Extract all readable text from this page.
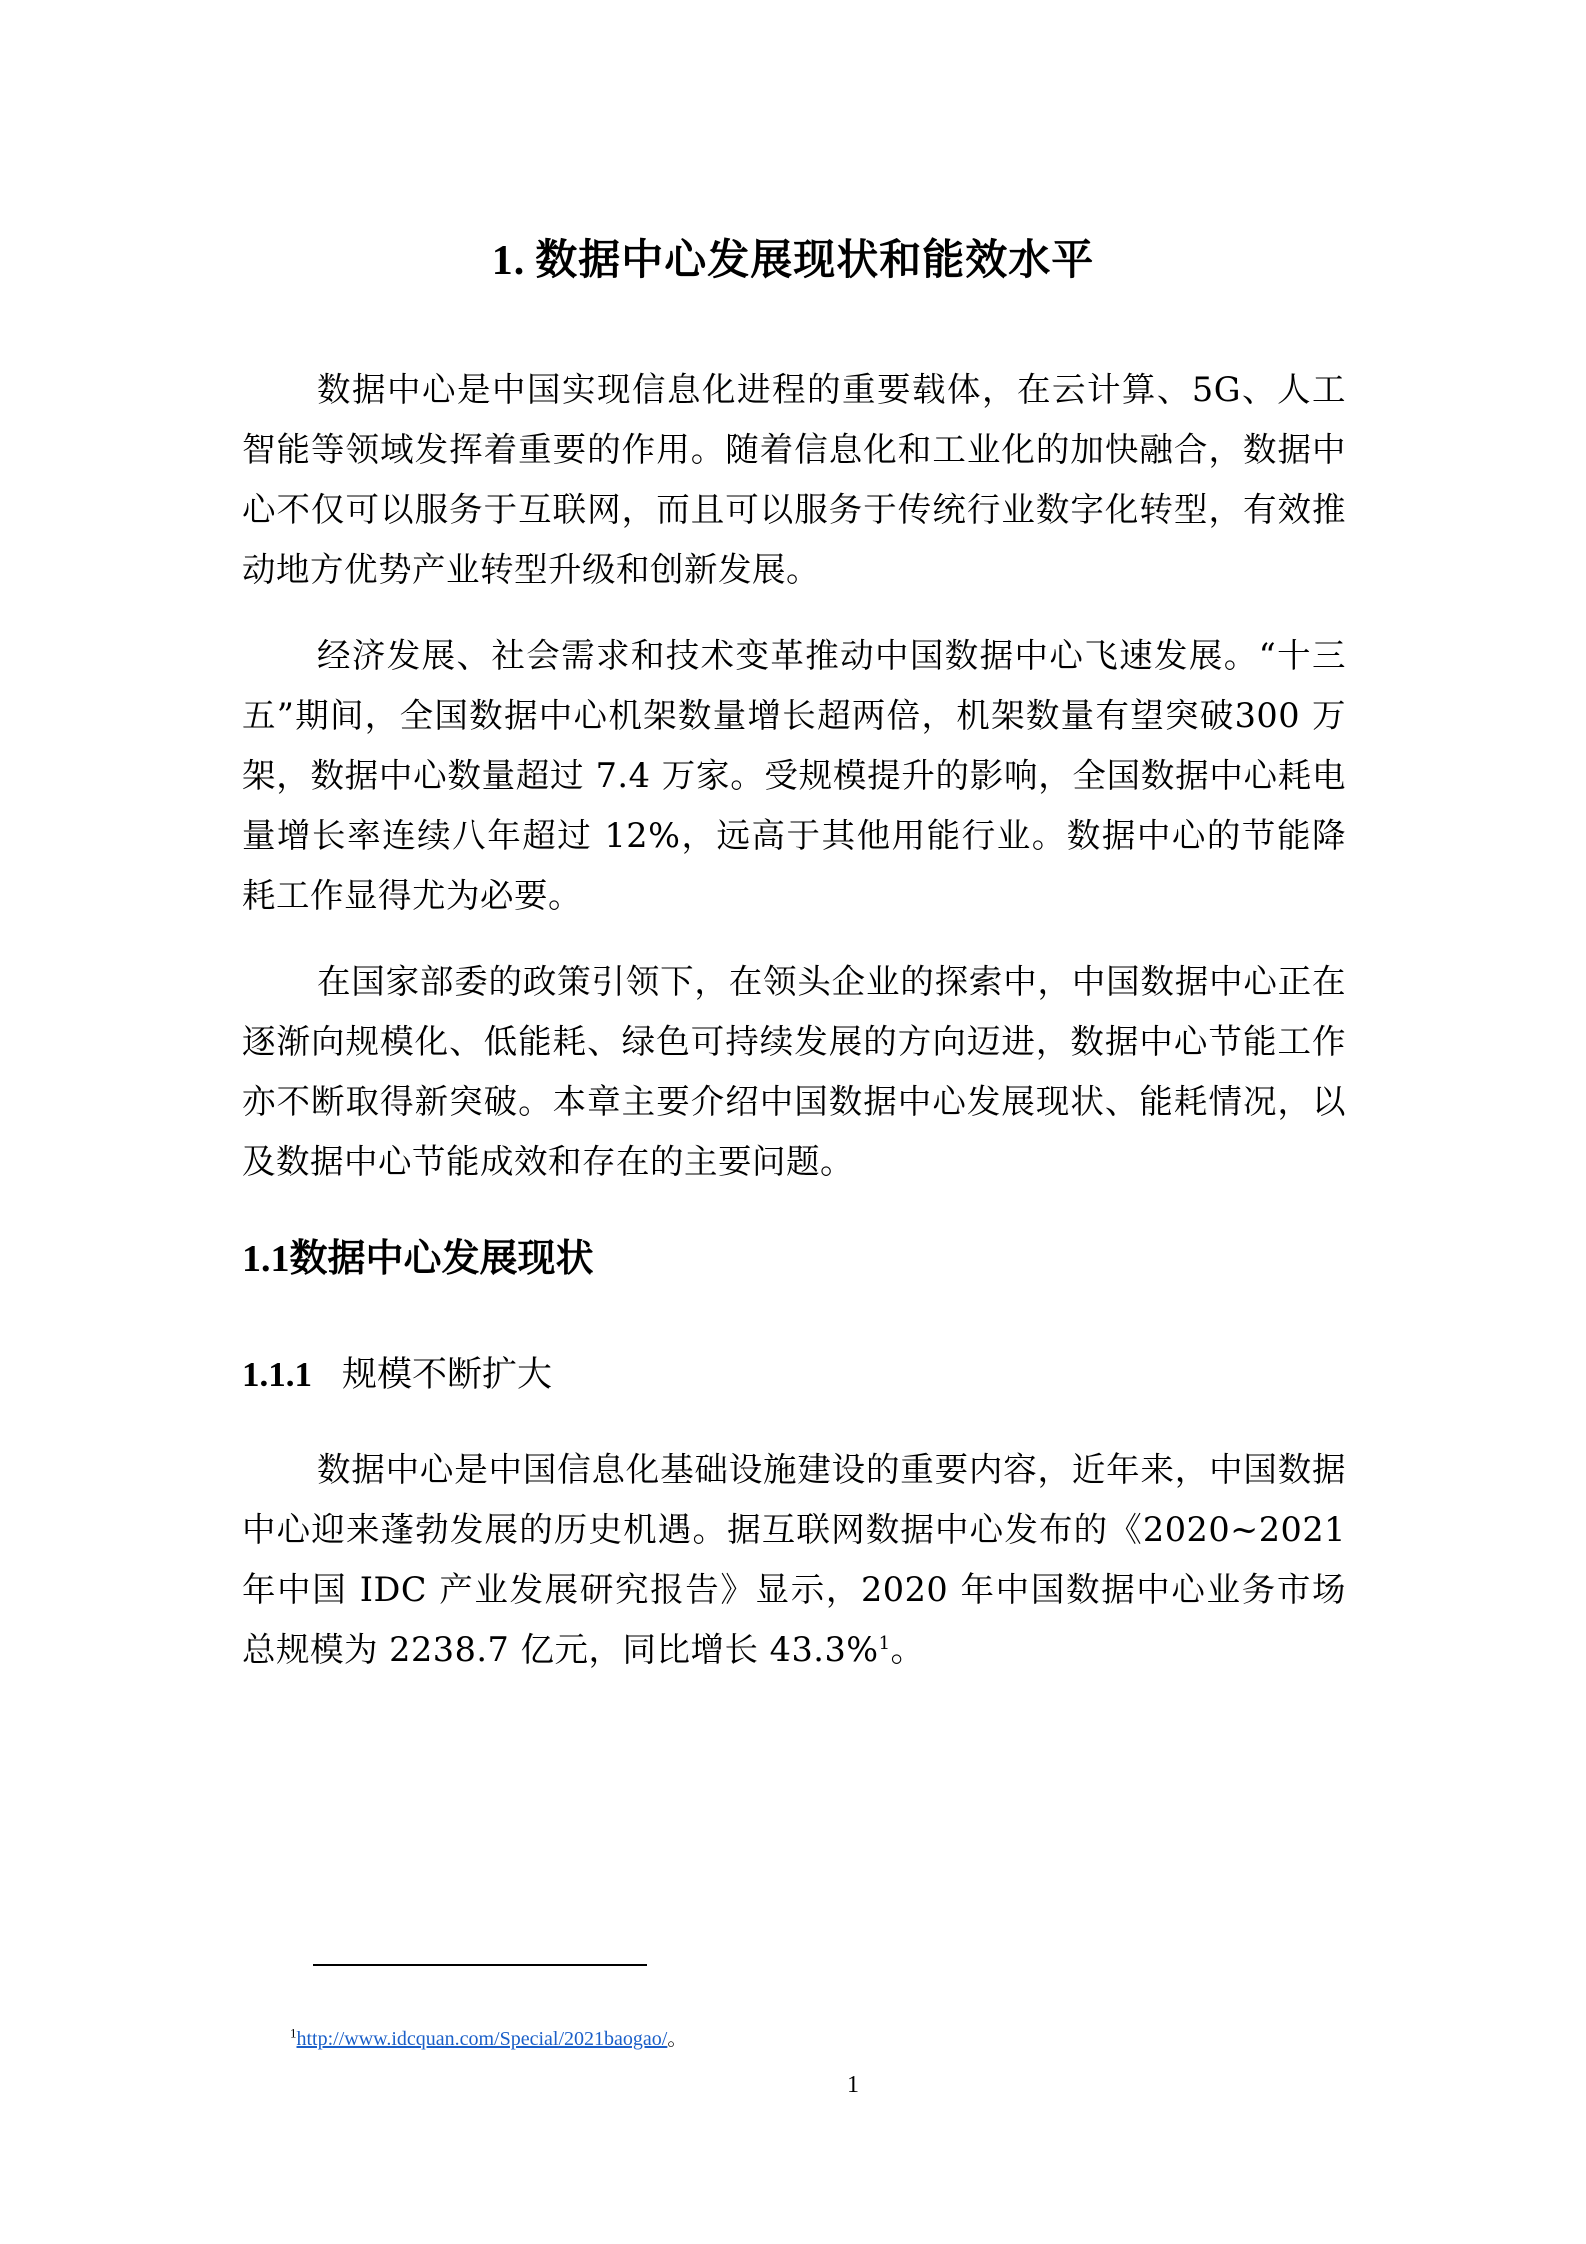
1. 数据中心发展现状和能效水平

数据中心是中国实现信息化进程的重要载体，在云计算、5G、人工智能等领域发挥着重要的作用。随着信息化和工业化的加快融合，数据中心不仅可以服务于互联网，而且可以服务于传统行业数字化转型，有效推动地方优势产业转型升级和创新发展。

经济发展、社会需求和技术变革推动中国数据中心飞速发展。“十三五”期间，全国数据中心机架数量增长超两倍，机架数量有望突破300 万架，数据中心数量超过 7.4 万家。受规模提升的影响，全国数据中心耗电量增长率连续八年超过 12%，远高于其他用能行业。数据中心的节能降耗工作显得尤为必要。

在国家部委的政策引领下，在领头企业的探索中，中国数据中心正在逐渐向规模化、低能耗、绿色可持续发展的方向迈进，数据中心节能工作亦不断取得新突破。本章主要介绍中国数据中心发展现状、能耗情况，以及数据中心节能成效和存在的主要问题。

1.1数据中心发展现状
1.1.1 规模不断扩大

数据中心是中国信息化基础设施建设的重要内容，近年来，中国数据中心迎来蓬勃发展的历史机遇。据互联网数据中心发布的《2020~2021 年中国 IDC 产业发展研究报告》显示，2020 年中国数据中心业务市场总规模为 2238.7 亿元，同比增长 43.3%$^1$。

$^1$http://www.idcquan.com/Special/2021baogao/。
1
